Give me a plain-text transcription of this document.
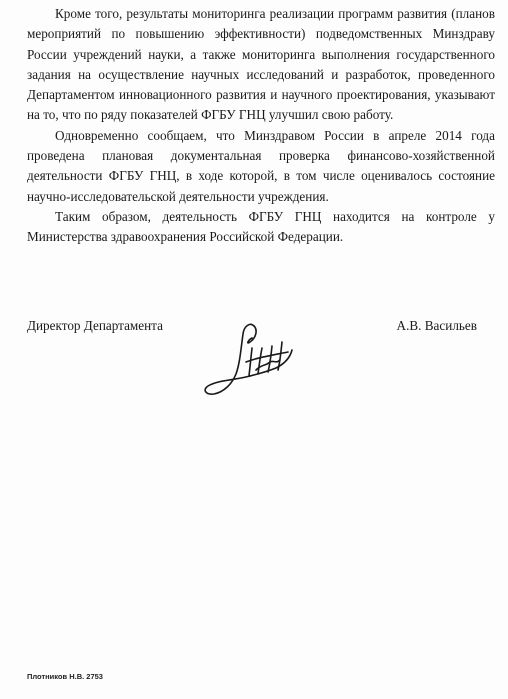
Кроме того, результаты мониторинга реализации программ развития (планов мероприятий по повышению эффективности) подведомственных Минздраву России учреждений науки, а также мониторинга выполнения государственного задания на осуществление научных исследований и разработок, проведенного Департаментом инновационного развития и научного проектирования, указывают на то, что по ряду показателей ФГБУ ГНЦ улучшил свою работу.

Одновременно сообщаем, что Минздравом России в апреле 2014 года проведена плановая документальная проверка финансово-хозяйственной деятельности ФГБУ ГНЦ, в ходе которой, в том числе оценивалось состояние научно-исследовательской деятельности учреждения.

Таким образом, деятельность ФГБУ ГНЦ находится на контроле у Министерства здравоохранения Российской Федерации.

Директор Департамента	А.В. Васильев
Плотников Н.В. 2753
